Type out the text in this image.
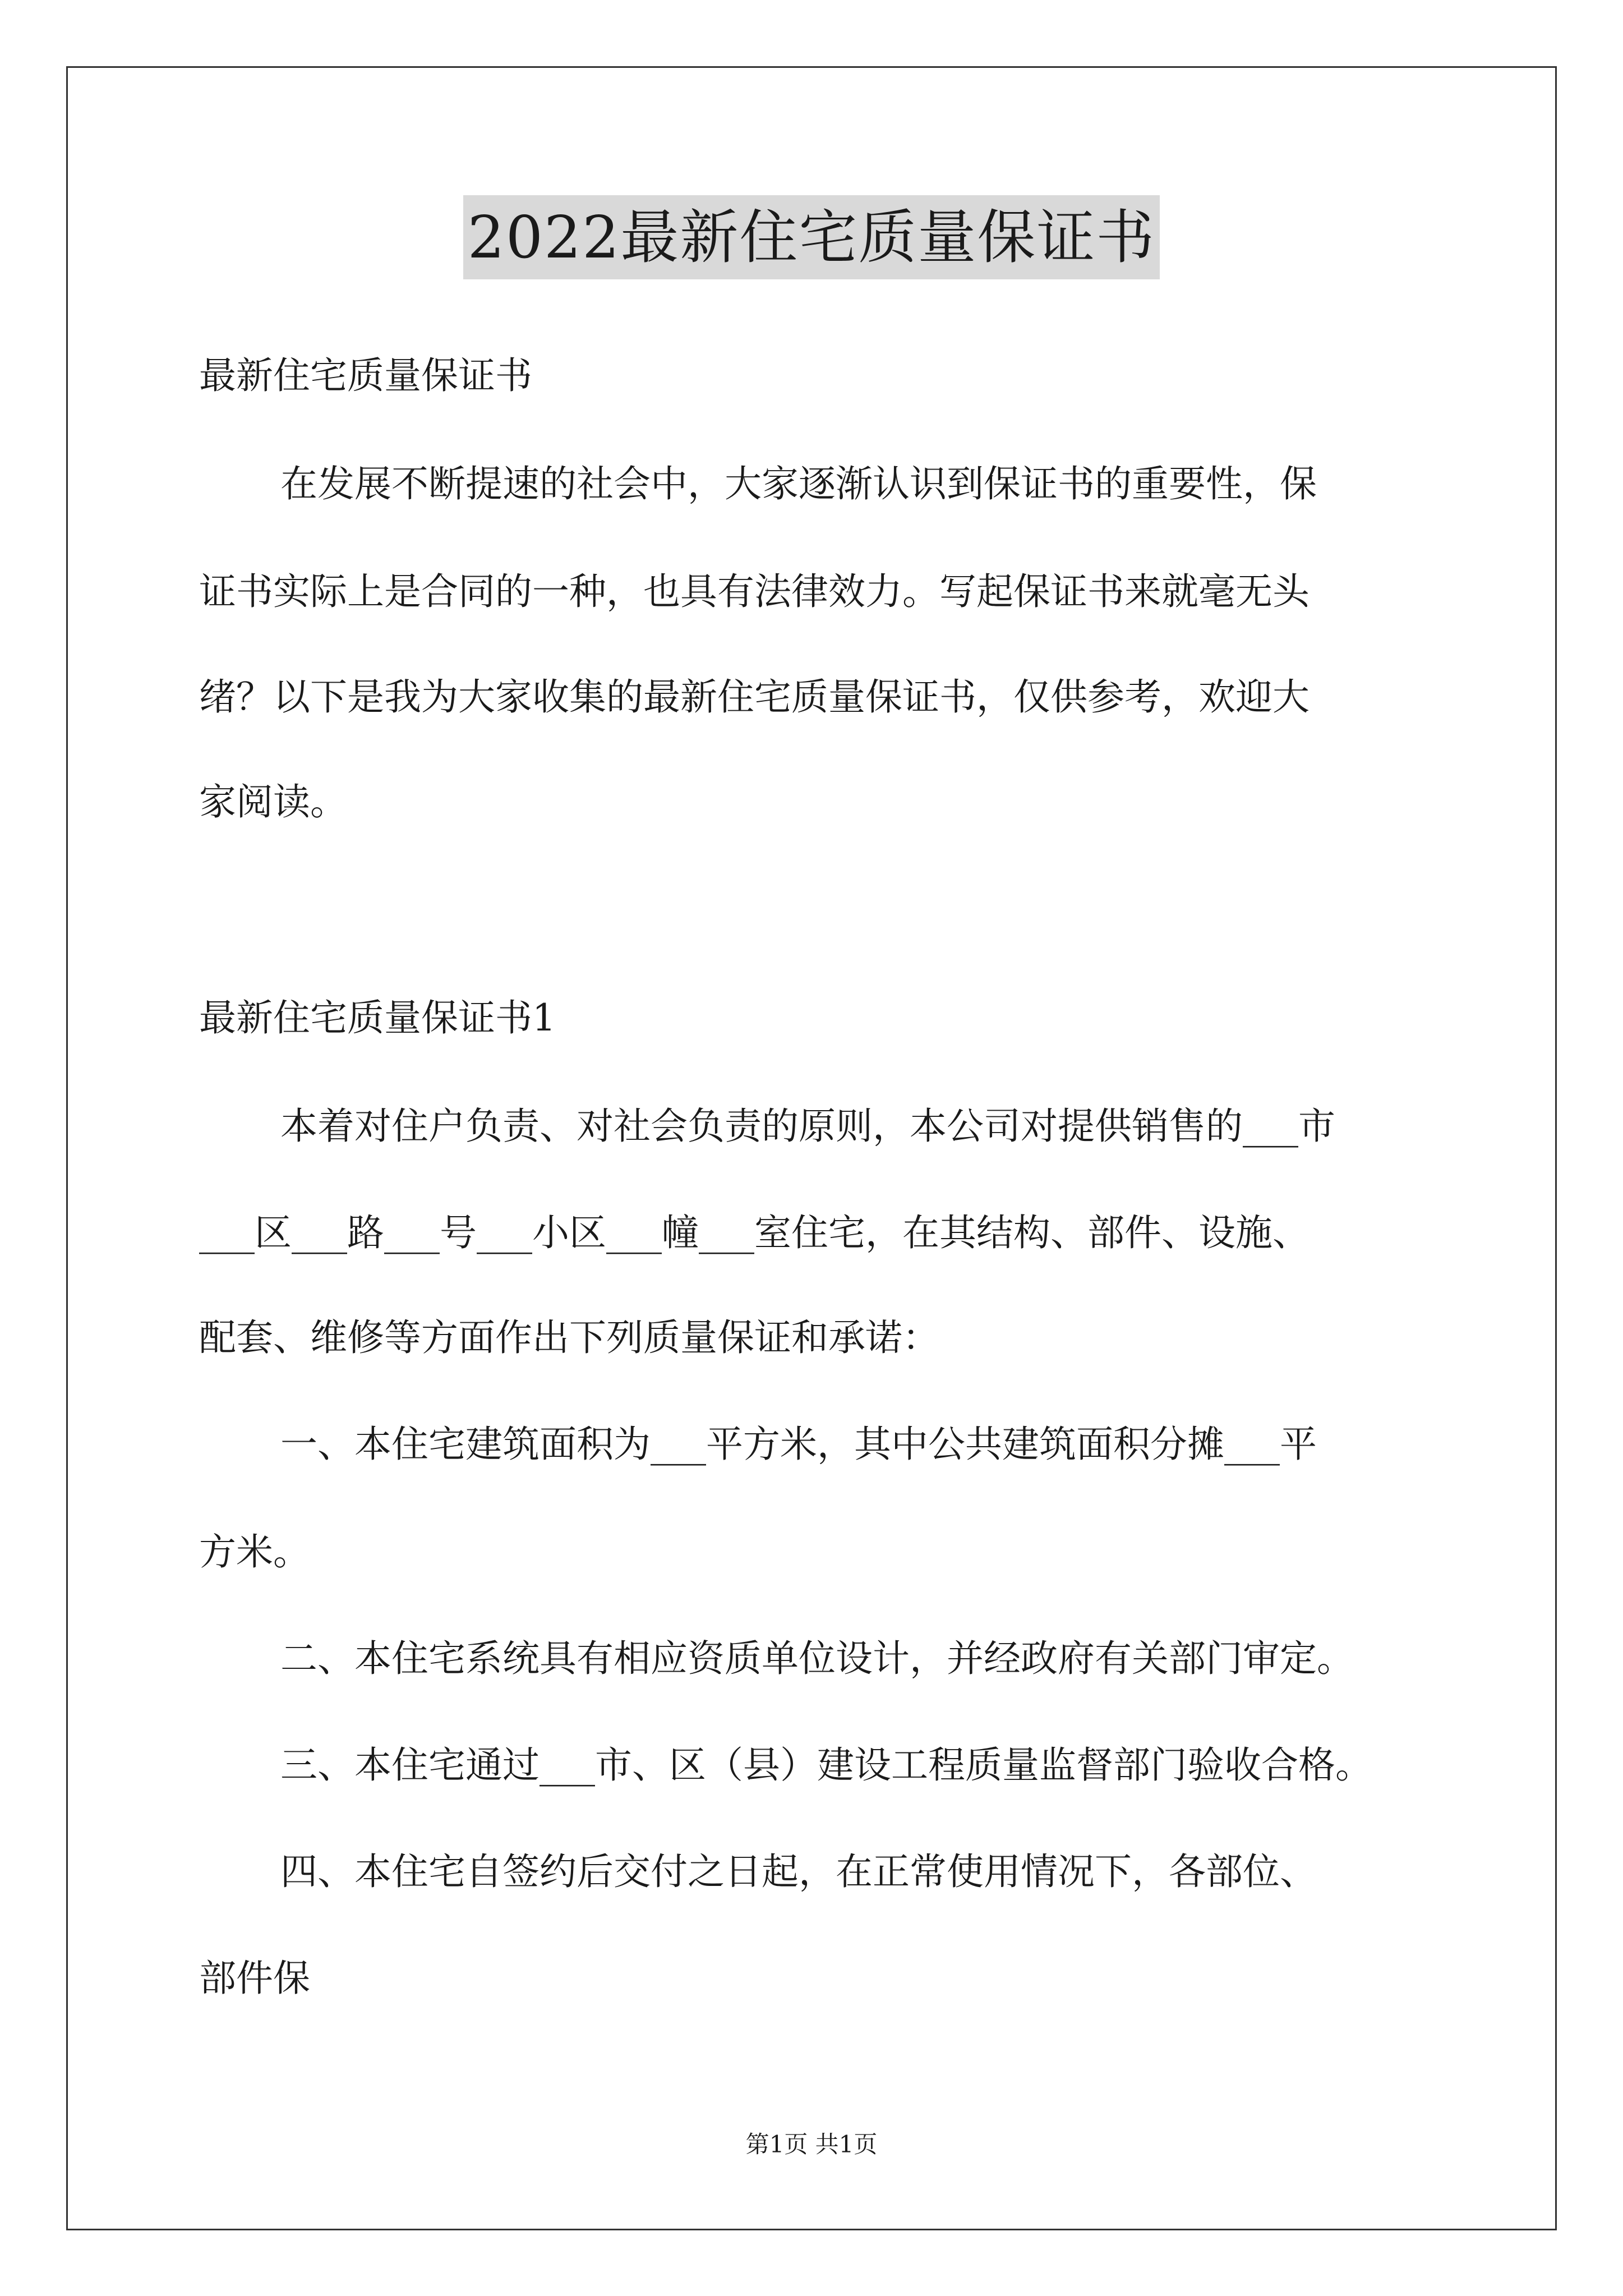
2022最新住宅质量保证书
最新住宅质量保证书
在发展不断提速的社会中，大家逐渐认识到保证书的重要性，保
证书实际上是合同的一种，也具有法律效力。写起保证书来就毫无头
绪？以下是我为大家收集的最新住宅质量保证书，仅供参考，欢迎大
家阅读。
最新住宅质量保证书1
本着对住户负责、对社会负责的原则，本公司对提供销售的___市
___区___路___号___小区___幢___室住宅，在其结构、部件、设施、
配套、维修等方面作出下列质量保证和承诺：
一、本住宅建筑面积为___平方米，其中公共建筑面积分摊___平
方米。
二、本住宅系统具有相应资质单位设计，并经政府有关部门审定。
三、本住宅通过___市、区（县）建设工程质量监督部门验收合格。
四、本住宅自签约后交付之日起，在正常使用情况下，各部位、
部件保
第1页 共1页
